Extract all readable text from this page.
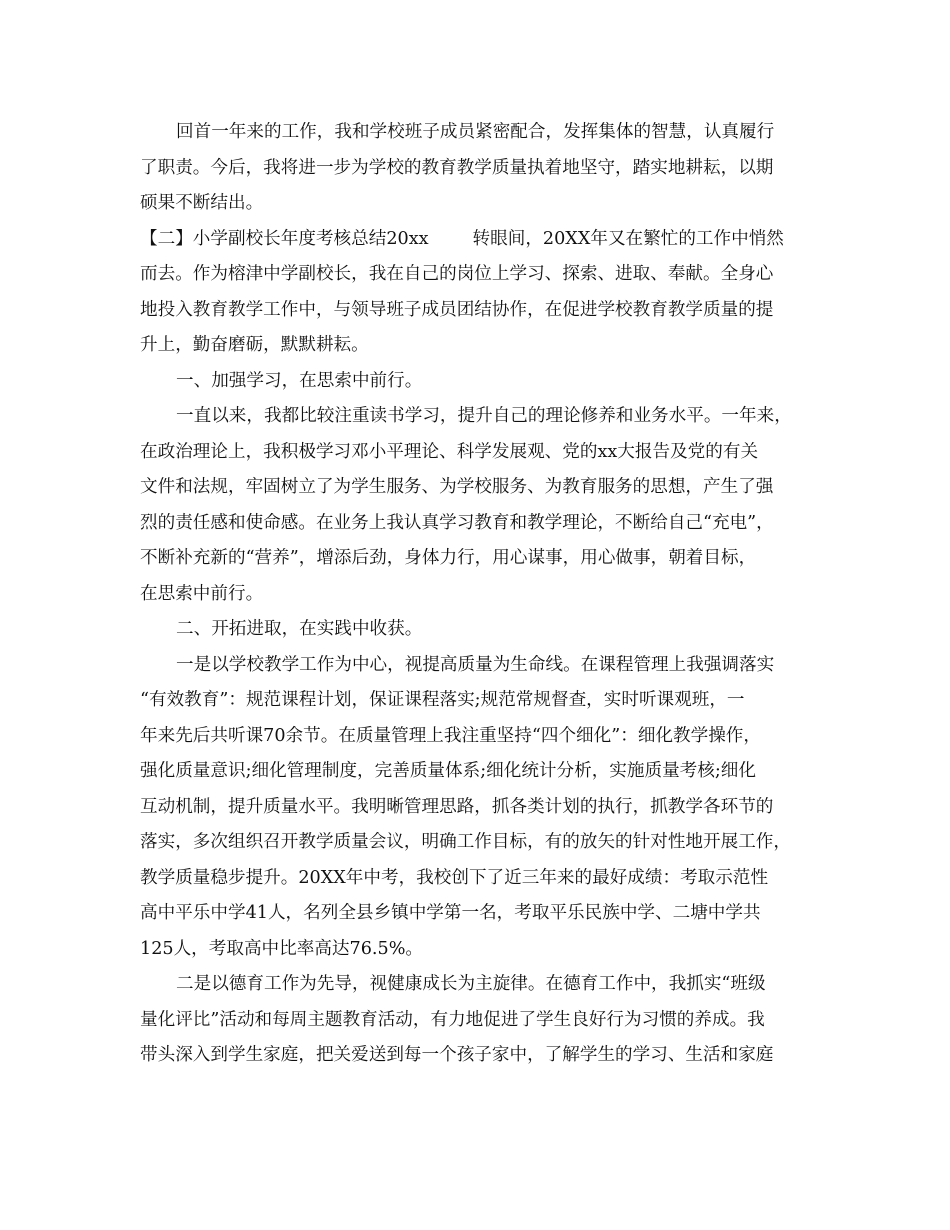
回首一年来的工作，我和学校班子成员紧密配合，发挥集体的智慧，认真履行
了职责。今后，我将进一步为学校的教育教学质量执着地坚守，踏实地耕耘，以期
硕果不断结出。
【二】小学副校长年度考核总结20xx	转眼间，20XX年又在繁忙的工作中悄然
而去。作为榕津中学副校长，我在自己的岗位上学习、探索、进取、奉献。全身心
地投入教育教学工作中，与领导班子成员团结协作，在促进学校教育教学质量的提
升上，勤奋磨砺，默默耕耘。
一、加强学习，在思索中前行。
一直以来，我都比较注重读书学习，提升自己的理论修养和业务水平。一年来，
在政治理论上，我积极学习邓小平理论、科学发展观、党的xx大报告及党的有关
文件和法规，牢固树立了为学生服务、为学校服务、为教育服务的思想，产生了强
烈的责任感和使命感。在业务上我认真学习教育和教学理论，不断给自己“充电”，
不断补充新的“营养”，增添后劲，身体力行，用心谋事，用心做事，朝着目标，
在思索中前行。
二、开拓进取，在实践中收获。
一是以学校教学工作为中心，视提高质量为生命线。在课程管理上我强调落实
“有效教育”：规范课程计划，保证课程落实;规范常规督查，实时听课观班，一
年来先后共听课70余节。在质量管理上我注重坚持“四个细化”：细化教学操作，
强化质量意识;细化管理制度，完善质量体系;细化统计分析，实施质量考核;细化
互动机制，提升质量水平。我明晰管理思路，抓各类计划的执行，抓教学各环节的
落实，多次组织召开教学质量会议，明确工作目标，有的放矢的针对性地开展工作，
教学质量稳步提升。20XX年中考，我校创下了近三年来的最好成绩：考取示范性
高中平乐中学41人，名列全县乡镇中学第一名，考取平乐民族中学、二塘中学共
125人，考取高中比率高达76.5%。
二是以德育工作为先导，视健康成长为主旋律。在德育工作中，我抓实“班级
量化评比”活动和每周主题教育活动，有力地促进了学生良好行为习惯的养成。我
带头深入到学生家庭，把关爱送到每一个孩子家中，了解学生的学习、生活和家庭
